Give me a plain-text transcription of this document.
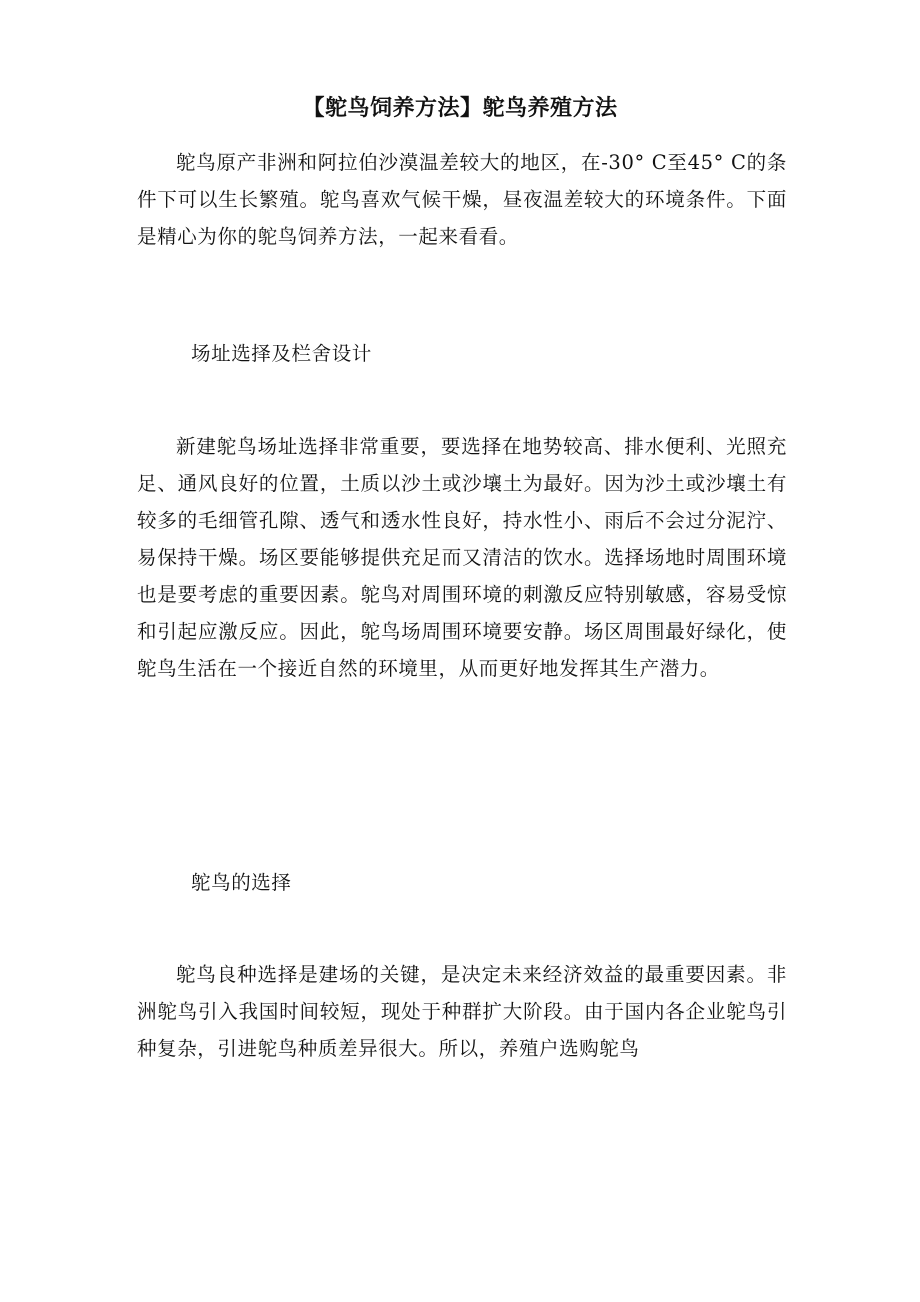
【鸵鸟饲养方法】鸵鸟养殖方法

鸵鸟原产非洲和阿拉伯沙漠温差较大的地区，在-30° C至45° C的条件下可以生长繁殖。鸵鸟喜欢气候干燥，昼夜温差较大的环境条件。下面是精心为你的鸵鸟饲养方法，一起来看看。

场址选择及栏舍设计

新建鸵鸟场址选择非常重要，要选择在地势较高、排水便利、光照充足、通风良好的位置，土质以沙土或沙壤土为最好。因为沙土或沙壤土有较多的毛细管孔隙、透气和透水性良好，持水性小、雨后不会过分泥泞、易保持干燥。场区要能够提供充足而又清洁的饮水。选择场地时周围环境也是要考虑的重要因素。鸵鸟对周围环境的刺激反应特别敏感，容易受惊和引起应激反应。因此，鸵鸟场周围环境要安静。场区周围最好绿化，使鸵鸟生活在一个接近自然的环境里，从而更好地发挥其生产潜力。

鸵鸟的选择

鸵鸟良种选择是建场的关键，是决定未来经济效益的最重要因素。非洲鸵鸟引入我国时间较短，现处于种群扩大阶段。由于国内各企业鸵鸟引种复杂，引进鸵鸟种质差异很大。所以，养殖户选购鸵鸟
